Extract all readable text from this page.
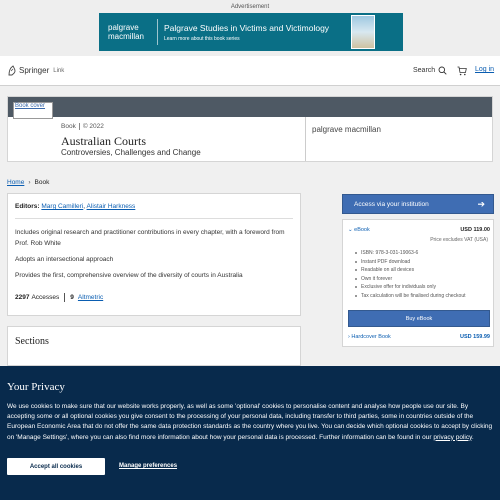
Advertisement
palgrave
macmillan
Palgrave Studies in Victims and Victimology
Learn more about this book series
Springer Link	Search	Log in
Book cover
Book © 2022
Australian Courts
Controversies, Challenges and Change
palgrave macmillan
Home › Book
Editors: Marg Camilleri, Alistair Harkness

Includes original research and practitioner contributions in every chapter, with a foreword from Prof. Rob White

Adopts an intersectional approach

Provides the first, comprehensive overview of the diversity of courts in Australia

2297 Accesses 9 Altmetric
Sections
Access via your institution	➔
⌄ eBook	USD 119.00
Price excludes VAT (USA)
ISBN: 978-3-031-19063-6
Instant PDF download
Readable on all devices
Own it forever
Exclusive offer for individuals only
Tax calculation will be finalised during checkout
Buy eBook
› Hardcover Book	USD 159.99
Your Privacy
We use cookies to make sure that our website works properly, as well as some 'optional' cookies to personalise content and analyse how people use our site. By accepting some or all optional cookies you give consent to the processing of your personal data, including transfer to third parties, some in countries outside of the European Economic Area that do not offer the same data protection standards as the country where you live. You can decide which optional cookies to accept by clicking on 'Manage Settings', where you can also find more information about how your personal data is processed. Further information can be found in our privacy policy.
Accept all cookies	Manage preferences
